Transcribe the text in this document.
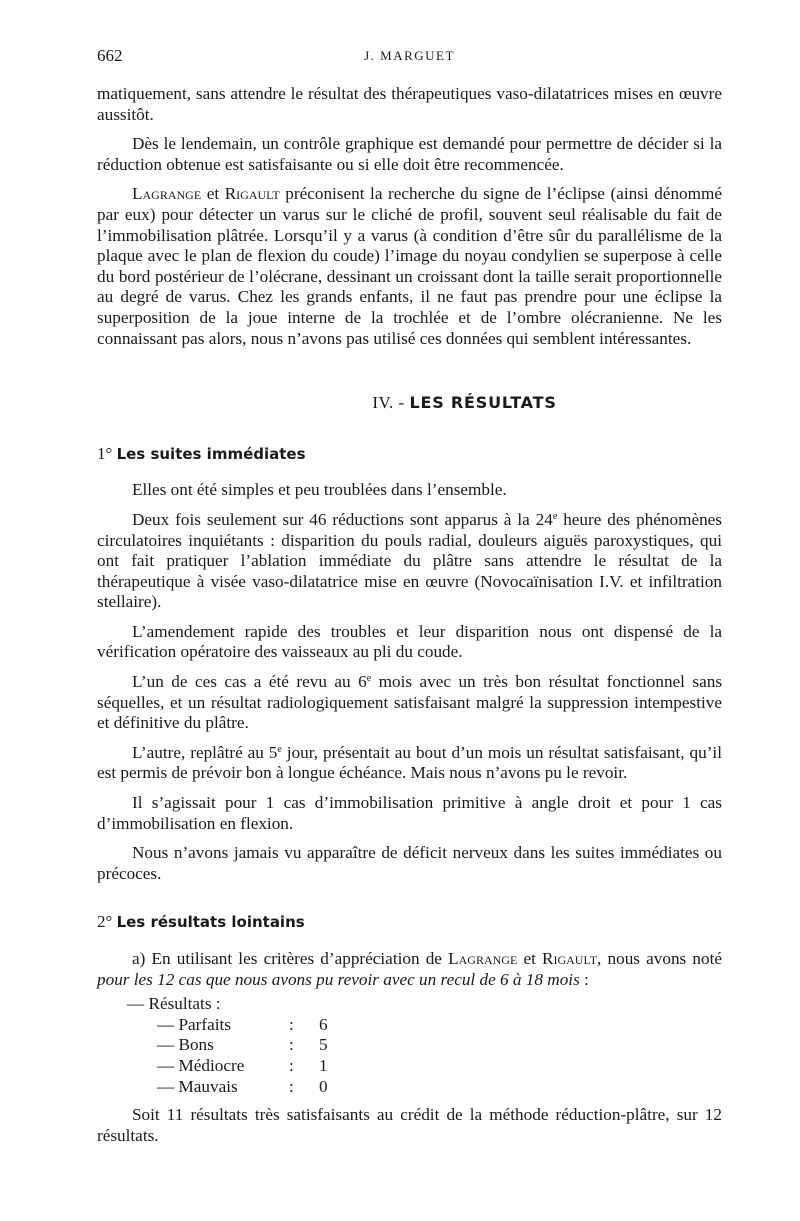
662	J. MARGUET

matiquement, sans attendre le résultat des thérapeutiques vaso-dilatatrices mises en œuvre aussitôt.

Dès le lendemain, un contrôle graphique est demandé pour permettre de décider si la réduction obtenue est satisfaisante ou si elle doit être recommencée.

Lagrange et Rigault préconisent la recherche du signe de l’éclipse (ainsi dénommé par eux) pour détecter un varus sur le cliché de profil, souvent seul réalisable du fait de l’immobilisation plâtrée. Lorsqu’il y a varus (à condition d’être sûr du parallélisme de la plaque avec le plan de flexion du coude) l’image du noyau condylien se superpose à celle du bord postérieur de l’olécrane, dessinant un croissant dont la taille serait proportionnelle au degré de varus. Chez les grands enfants, il ne faut pas prendre pour une éclipse la superposition de la joue interne de la trochlée et de l’ombre olécranienne. Ne les connaissant pas alors, nous n’avons pas utilisé ces données qui semblent intéressantes.

IV. - LES RÉSULTATS
1° Les suites immédiates

Elles ont été simples et peu troublées dans l’ensemble.

Deux fois seulement sur 46 réductions sont apparus à la 24e heure des phénomènes circulatoires inquiétants : disparition du pouls radial, douleurs aiguës paroxystiques, qui ont fait pratiquer l’ablation immédiate du plâtre sans attendre le résultat de la thérapeutique à visée vaso-dilatatrice mise en œuvre (Novocaïnisation I.V. et infiltration stellaire).

L’amendement rapide des troubles et leur disparition nous ont dispensé de la vérification opératoire des vaisseaux au pli du coude.

L’un de ces cas a été revu au 6e mois avec un très bon résultat fonctionnel sans séquelles, et un résultat radiologiquement satisfaisant malgré la suppression intempestive et définitive du plâtre.

L’autre, replâtré au 5e jour, présentait au bout d’un mois un résultat satisfaisant, qu’il est permis de prévoir bon à longue échéance. Mais nous n’avons pu le revoir.

Il s’agissait pour 1 cas d’immobilisation primitive à angle droit et pour 1 cas d’immobilisation en flexion.

Nous n’avons jamais vu apparaître de déficit nerveux dans les suites immédiates ou précoces.

2° Les résultats lointains

a) En utilisant les critères d’appréciation de Lagrange et Rigault, nous avons noté pour les 12 cas que nous avons pu revoir avec un recul de 6 à 18 mois :

— Résultats :
— Parfaits	:	6
— Bons	:	5
— Médiocre	:	1
— Mauvais	:	0

Soit 11 résultats très satisfaisants au crédit de la méthode réduction-plâtre, sur 12 résultats.
